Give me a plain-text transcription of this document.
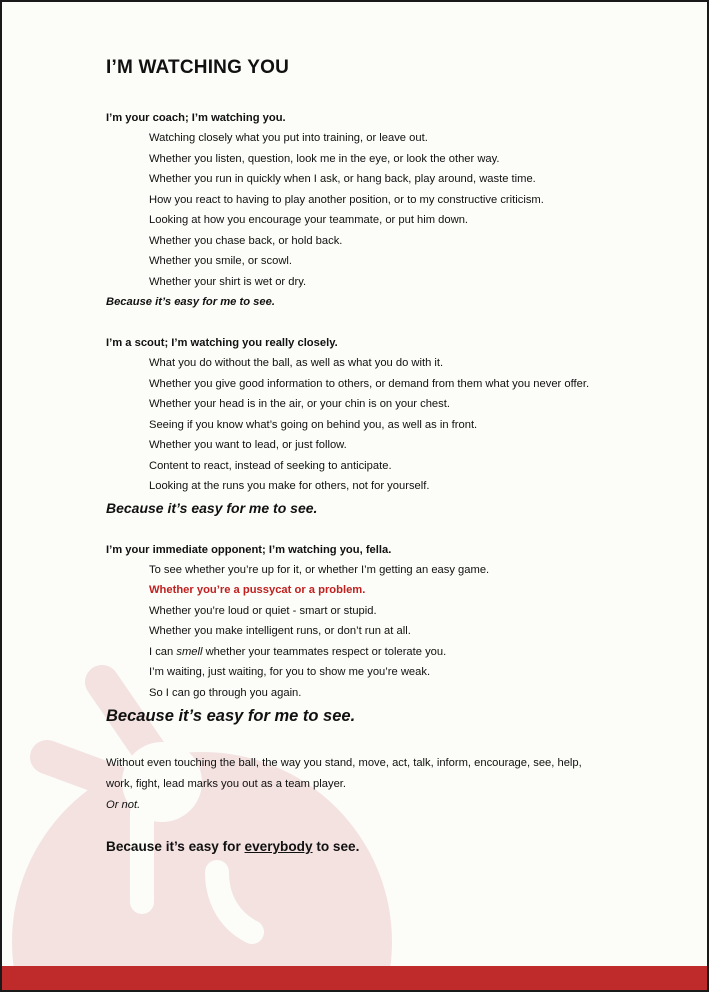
I’M WATCHING YOU
I’m your coach; I’m watching you.
Watching closely what you put into training, or leave out.
Whether you listen, question, look me in the eye, or look the other way.
Whether you run in quickly when I ask, or hang back, play around, waste time.
How you react to having to play another position, or to my constructive criticism.
Looking at how you encourage your teammate, or put him down.
Whether you chase back, or hold back.
Whether you smile, or scowl.
Whether your shirt is wet or dry.
Because it’s easy for me to see.
I’m a scout; I’m watching you really closely.
What you do without the ball, as well as what you do with it.
Whether you give good information to others, or demand from them what you never offer.
Whether your head is in the air, or your chin is on your chest.
Seeing if you know what’s going on behind you, as well as in front.
Whether you want to lead, or just follow.
Content to react, instead of seeking to anticipate.
Looking at the runs you make for others, not for yourself.
Because it’s easy for me to see.
I’m your immediate opponent; I’m watching you, fella.
To see whether you’re up for it, or whether I’m getting an easy game.
Whether you’re a pussycat or a problem.
Whether you’re loud or quiet - smart or stupid.
Whether you make intelligent runs, or don’t run at all.
I can smell whether your teammates respect or tolerate you.
I’m waiting, just waiting, for you to show me you’re weak.
So I can go through you again.
Because it’s easy for me to see.
Without even touching the ball, the way you stand, move, act, talk, inform, encourage, see, help, work, fight, lead marks you out as a team player.
Or not.
Because it’s easy for everybody to see.
